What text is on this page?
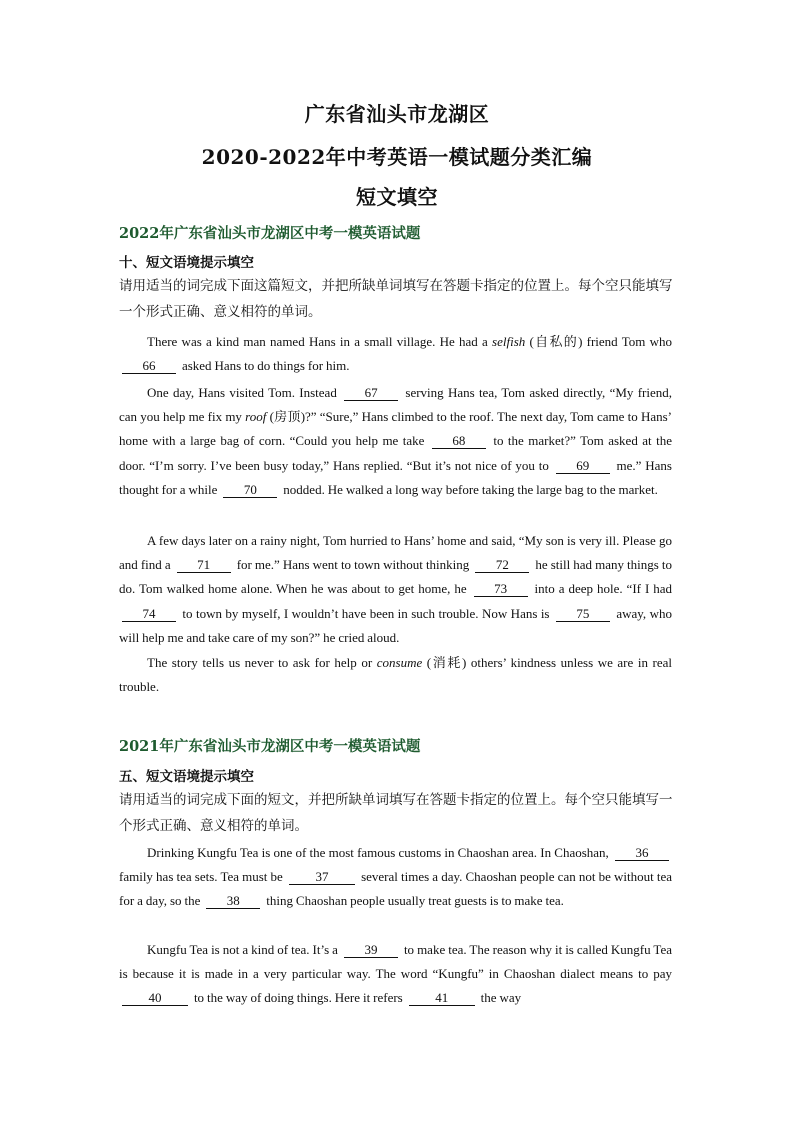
广东省汕头市龙湖区
2020-2022年中考英语一模试题分类汇编
短文填空
2022年广东省汕头市龙湖区中考一模英语试题
十、短文语境提示填空
请用适当的词完成下面这篇短文，并把所缺单词填写在答题卡指定的位置上。每个空只能填写一个形式正确、意义相符的单词。
There was a kind man named Hans in a small village. He had a selfish (自私的) friend Tom who 66 asked Hans to do things for him.
One day, Hans visited Tom. Instead 67 serving Hans tea, Tom asked directly, “My friend, can you help me fix my roof (房顶)?” “Sure,” Hans climbed to the roof. The next day, Tom came to Hans’ home with a large bag of corn. “Could you help me take 68 to the market?” Tom asked at the door. “I’m sorry. I’ve been busy today,” Hans replied. “But it’s not nice of you to 69 me.” Hans thought for a while 70 nodded. He walked a long way before taking the large bag to the market.
A few days later on a rainy night, Tom hurried to Hans’ home and said, “My son is very ill. Please go and find a 71 for me.” Hans went to town without thinking 72 he still had many things to do. Tom walked home alone. When he was about to get home, he 73 into a deep hole. “If I had 74 to town by myself, I wouldn’t have been in such trouble. Now Hans is 75 away, who will help me and take care of my son?” he cried aloud.
The story tells us never to ask for help or consume (消耗) others’ kindness unless we are in real trouble.
2021年广东省汕头市龙湖区中考一模英语试题
五、短文语境提示填空
请用适当的词完成下面的短文，并把所缺单词填写在答题卡指定的位置上。每个空只能填写一个形式正确、意义相符的单词。
Drinking Kungfu Tea is one of the most famous customs in Chaoshan area. In Chaoshan, 36 family has tea sets. Tea must be 37 several times a day. Chaoshan people can not be without tea for a day, so the 38 thing Chaoshan people usually treat guests is to make tea.
Kungfu Tea is not a kind of tea. It’s a 39 to make tea. The reason why it is called Kungfu Tea is because it is made in a very particular way. The word “Kungfu” in Chaoshan dialect means to pay 40 to the way of doing things. Here it refers 41 the way
